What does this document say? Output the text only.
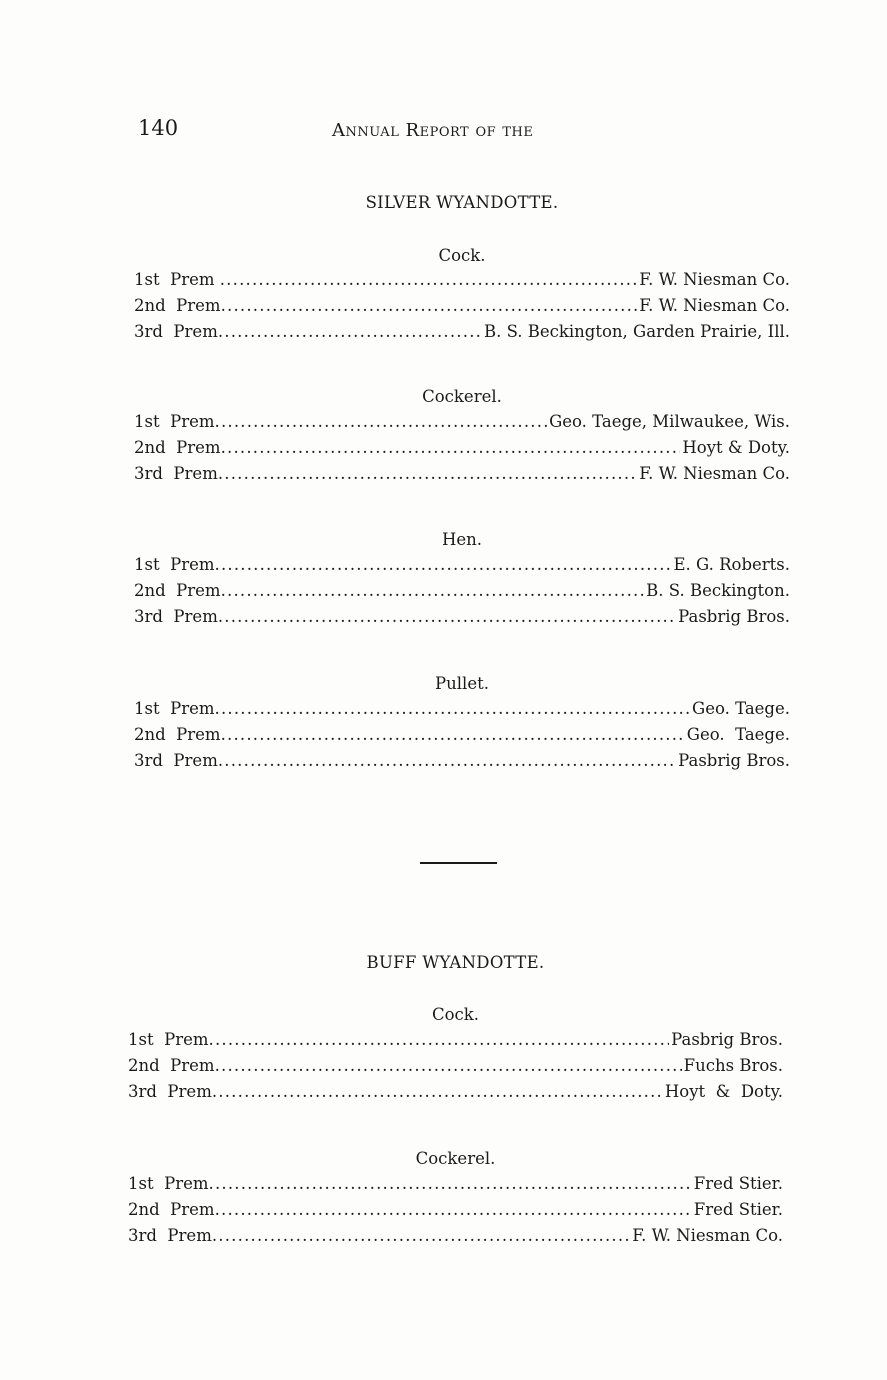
140	Annual Report of the
SILVER WYANDOTTE.
Cock.
1st  Prem .....	F. W. Niesman Co.
2nd  Prem .....	F. W. Niesman Co.
3rd  Prem .....	B. S. Beckington, Garden Prairie, Ill.
Cockerel.
1st  Prem .....	Geo. Taege, Milwaukee, Wis.
2nd  Prem .....	Hoyt & Doty.
3rd  Prem .....	F. W. Niesman Co.
Hen.
1st  Prem .....	E. G. Roberts.
2nd  Prem .....	B. S. Beckington.
3rd  Prem .....	Pasbrig Bros.
Pullet.
1st  Prem .....	Geo. Taege.
2nd  Prem .....	Geo.  Taege.
3rd  Prem .....	Pasbrig Bros.
BUFF WYANDOTTE.
Cock.
1st  Prem .....	Pasbrig Bros.
2nd  Prem .....	Fuchs Bros.
3rd  Prem .....	Hoyt  &  Doty.
Cockerel.
1st  Prem .....	Fred Stier.
2nd  Prem .....	Fred Stier.
3rd  Prem .....	F. W. Niesman Co.
